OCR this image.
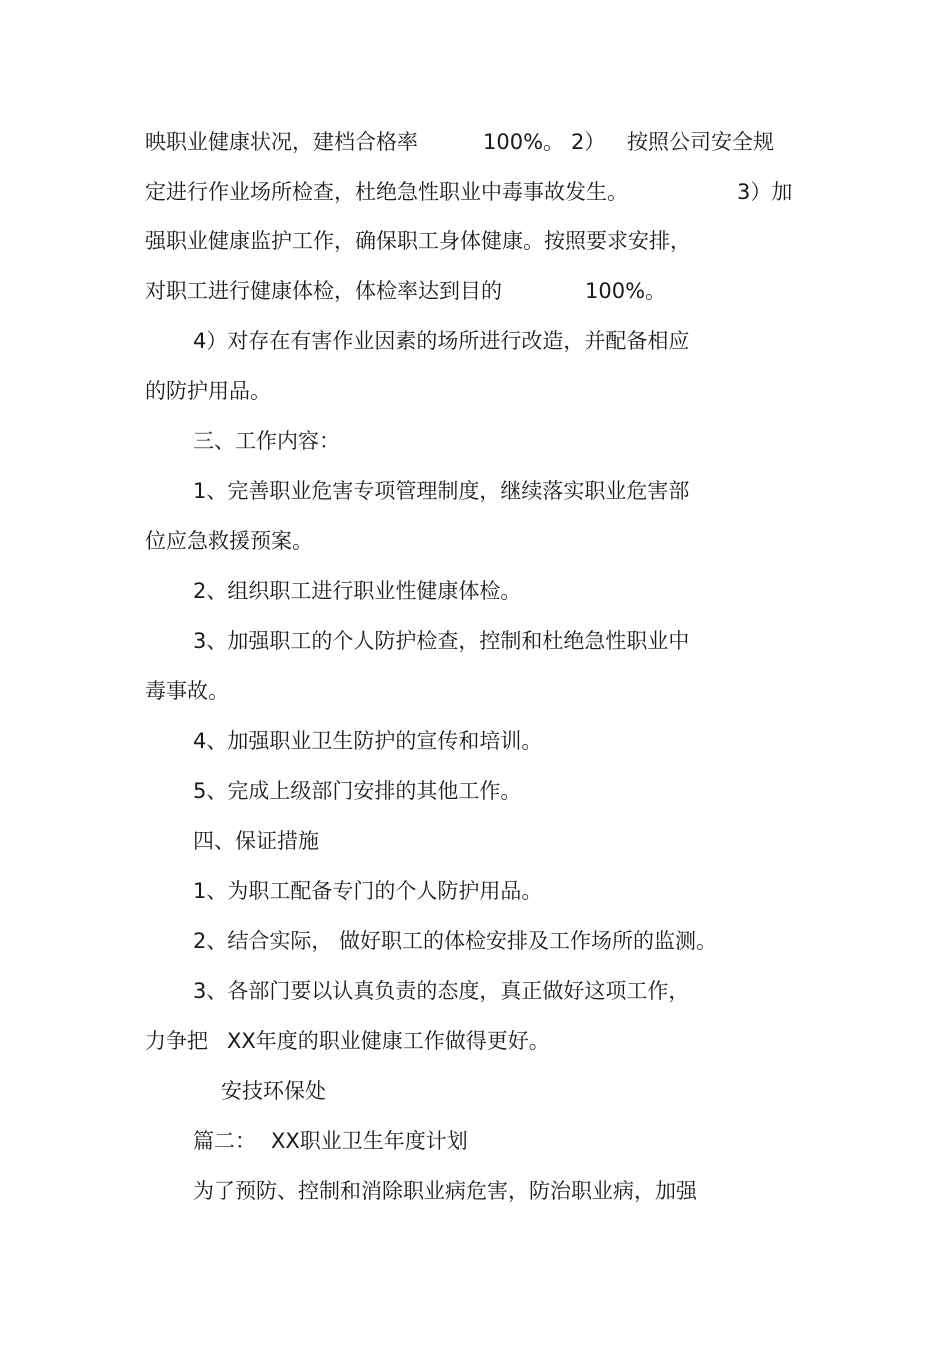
映职业健康状况，建档合格率

	100%。

2）

按照公司安全规

定进行作业场所检查，杜绝急性职业中毒事故发生。

	3）加

强职业健康监护工作，确保职工身体健康。按照要求安排，

对职工进行健康体检，体检率达到目的

	100%。

4）对存在有害作业因素的场所进行改造，并配备相应
的防护用品。
三、工作内容：
1、完善职业危害专项管理制度，继续落实职业危害部
位应急救援预案。
2、组织职工进行职业性健康体检。
3、加强职工的个人防护检查，控制和杜绝急性职业中
毒事故。
4、加强职业卫生防护的宣传和培训。
5、完成上级部门安排的其他工作。
四、保证措施
1、为职工配备专门的个人防护用品。
2、结合实际， 做好职工的体检安排及工作场所的监测。
3、各部门要以认真负责的态度，真正做好这项工作，

力争把

XX年度的职业健康工作做得更好。

安技环保处

篇二：

XX职业卫生年度计划

为了预防、控制和消除职业病危害，防治职业病，加强
